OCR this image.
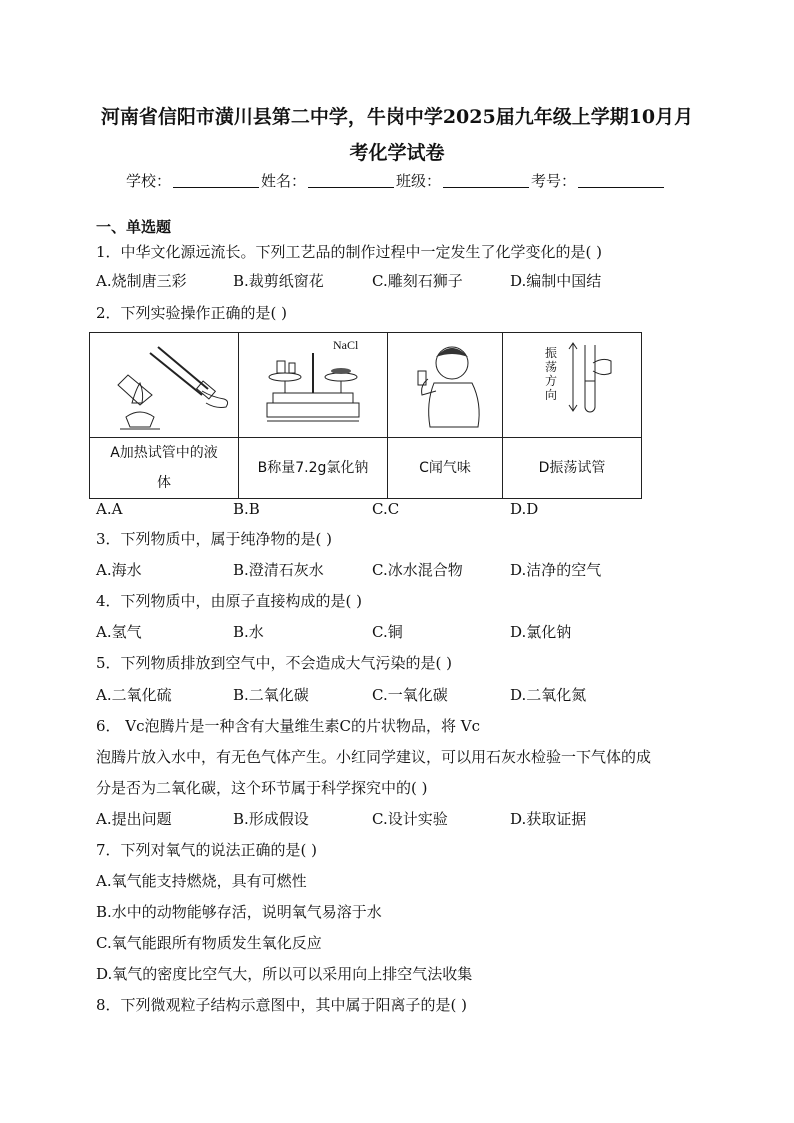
河南省信阳市潢川县第二中学，牛岗中学2025届九年级上学期10月月
考化学试卷
学校：	姓名：	班级：	考号：
一、单选题
1．中华文化源远流长。下列工艺品的制作过程中一定发生了化学变化的是( )
A.烧制唐三彩	B.裁剪纸窗花	C.雕刻石狮子	D.编制中国结
2．下列实验操作正确的是( )

NaCl		振
荡
方
向

A加热试管中的液体	B称量7.2g氯化钠	C闻气味	D振荡试管
A.A	B.B	C.C	D.D
3．下列物质中，属于纯净物的是( )
A.海水	B.澄清石灰水	C.冰水混合物	D.洁净的空气
4．下列物质中，由原子直接构成的是( )
A.氢气	B.水	C.铜	D.氯化钠
5．下列物质排放到空气中，不会造成大气污染的是( )
A.二氧化硫	B.二氧化碳	C.一氧化碳	D.二氧化氮
6． Vc泡腾片是一种含有大量维生素C的片状物品，将 Vc
泡腾片放入水中，有无色气体产生。小红同学建议，可以用石灰水检验一下气体的成
分是否为二氧化碳，这个环节属于科学探究中的( )
A.提出问题	B.形成假设	C.设计实验	D.获取证据
7．下列对氧气的说法正确的是( )
A.氧气能支持燃烧，具有可燃性
B.水中的动物能够存活，说明氧气易溶于水
C.氧气能跟所有物质发生氧化反应
D.氧气的密度比空气大，所以可以采用向上排空气法收集
8．下列微观粒子结构示意图中，其中属于阳离子的是( )
